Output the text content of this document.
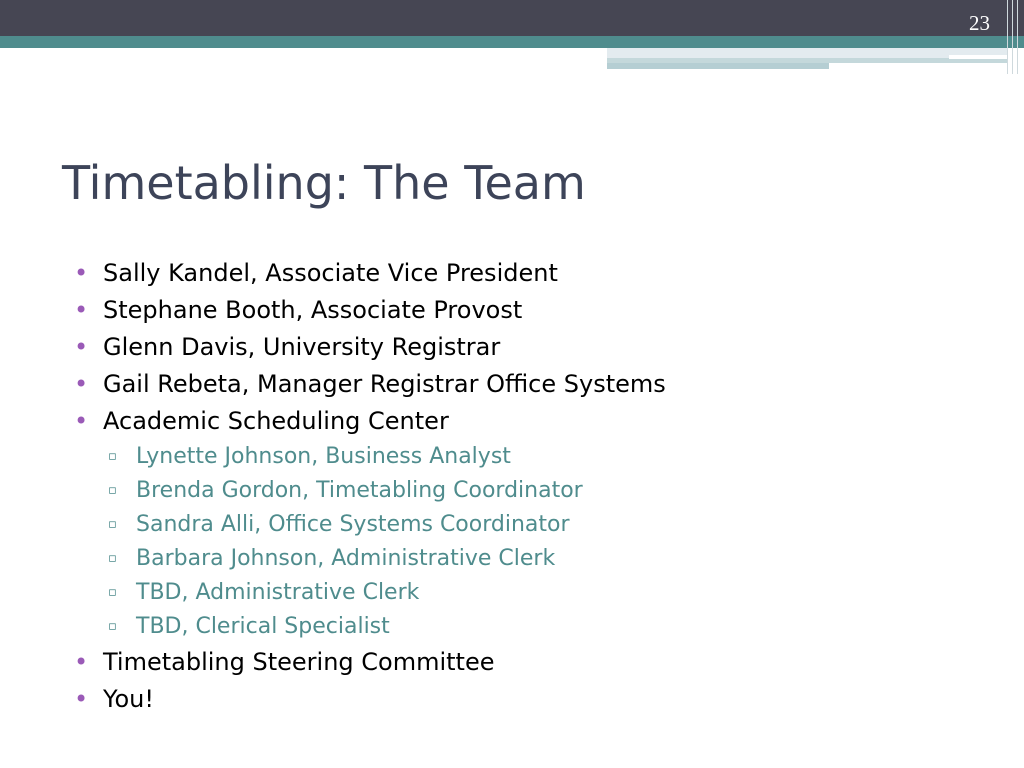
23
Timetabling: The Team
• Sally Kandel, Associate Vice President
• Stephane Booth, Associate Provost
• Glenn Davis, University Registrar
• Gail Rebeta, Manager Registrar Office Systems
• Academic Scheduling Center
▫ Lynette Johnson, Business Analyst
▫ Brenda Gordon, Timetabling Coordinator
▫ Sandra Alli, Office Systems Coordinator
▫ Barbara Johnson, Administrative Clerk
▫ TBD, Administrative Clerk
▫ TBD, Clerical Specialist
• Timetabling Steering Committee
• You!
